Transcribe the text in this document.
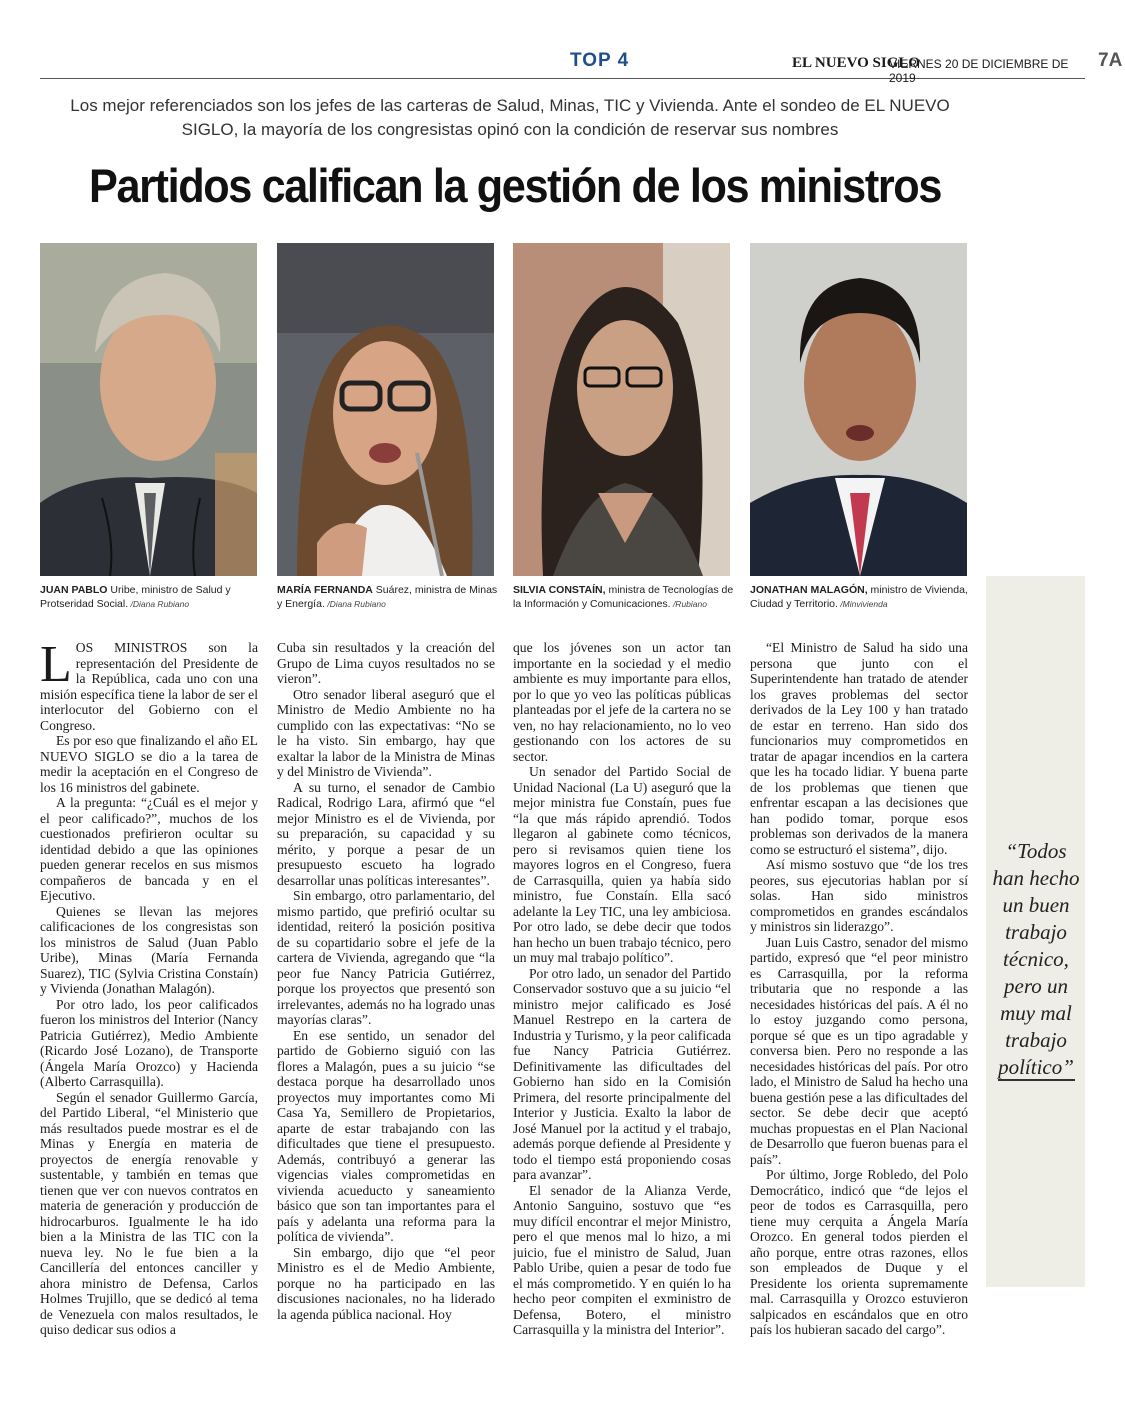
TOP 4	EL NUEVO SIGLO
VIERNES 20 DE DICIEMBRE DE 2019
7A
Los mejor referenciados son los jefes de las carteras de Salud, Minas, TIC y Vivienda. Ante el sondeo de EL NUEVO SIGLO, la mayoría de los congresistas opinó con la condición de reservar sus nombres
Partidos califican la gestión de los ministros
JUAN PABLO Uribe, ministro de Salud y Protseridad Social. /Diana Rubiano
MARÍA FERNANDA Suárez, ministra de Minas y Energía. /Diana Rubiano
SILVIA CONSTAÍN, ministra de Tecnologías de la Información y Comunicaciones. /Rubiano
JONATHAN MALAGÓN, ministro de Vivienda, Ciudad y Territorio. /Minvivienda

LOS MINISTROS son la representación del Presidente de la República, cada uno con una misión específica tiene la labor de ser el interlocutor del Gobierno con el Congreso.

Es por eso que finalizando el año EL NUEVO SIGLO se dio a la tarea de medir la aceptación en el Congreso de los 16 ministros del gabinete.

A la pregunta: “¿Cuál es el mejor y el peor calificado?”, muchos de los cuestionados prefirieron ocultar su identidad debido a que las opiniones pueden generar recelos en sus mismos compañeros de bancada y en el Ejecutivo.

Quienes se llevan las mejores calificaciones de los congresistas son los ministros de Salud (Juan Pablo Uribe), Minas (María Fernanda Suarez), TIC (Sylvia Cristina Constaín) y Vivienda (Jonathan Malagón).

Por otro lado, los peor calificados fueron los ministros del Interior (Nancy Patricia Gutiérrez), Medio Ambiente (Ricardo José Lozano), de Transporte (Ángela María Orozco) y Hacienda (Alberto Carrasquilla).

Según el senador Guillermo García, del Partido Liberal, “el Ministerio que más resultados puede mostrar es el de Minas y Energía en materia de proyectos de energía renovable y sustentable, y también en temas que tienen que ver con nuevos contratos en materia de generación y producción de hidrocarburos. Igualmente le ha ido bien a la Ministra de las TIC con la nueva ley. No le fue bien a la Cancillería del entonces canciller y ahora ministro de Defensa, Carlos Holmes Trujillo, que se dedicó al tema de Venezuela con malos resultados, le quiso dedicar sus odios a

Cuba sin resultados y la creación del Grupo de Lima cuyos resultados no se vieron”.

Otro senador liberal aseguró que el Ministro de Medio Ambiente no ha cumplido con las expectativas: “No se le ha visto. Sin embargo, hay que exaltar la labor de la Ministra de Minas y del Ministro de Vivienda”.

A su turno, el senador de Cambio Radical, Rodrigo Lara, afirmó que “el mejor Ministro es el de Vivienda, por su preparación, su capacidad y su mérito, y porque a pesar de un presupuesto escueto ha logrado desarrollar unas políticas interesantes”.

Sin embargo, otro parlamentario, del mismo partido, que prefirió ocultar su identidad, reiteró la posición positiva de su copartidario sobre el jefe de la cartera de Vivienda, agregando que “la peor fue Nancy Patricia Gutiérrez, porque los proyectos que presentó son irrelevantes, además no ha logrado unas mayorías claras”.

En ese sentido, un senador del partido de Gobierno siguió con las flores a Malagón, pues a su juicio “se destaca porque ha desarrollado unos proyectos muy importantes como Mi Casa Ya, Semillero de Propietarios, aparte de estar trabajando con las dificultades que tiene el presupuesto. Además, contribuyó a generar las vigencias viales comprometidas en vivienda acueducto y saneamiento básico que son tan importantes para el país y adelanta una reforma para la política de vivienda”.

Sin embargo, dijo que “el peor Ministro es el de Medio Ambiente, porque no ha participado en las discusiones nacionales, no ha liderado la agenda pública nacional. Hoy

que los jóvenes son un actor tan importante en la sociedad y el medio ambiente es muy importante para ellos, por lo que yo veo las políticas públicas planteadas por el jefe de la cartera no se ven, no hay relacionamiento, no lo veo gestionando con los actores de su sector.

Un senador del Partido Social de Unidad Nacional (La U) aseguró que la mejor ministra fue Constaín, pues fue “la que más rápido aprendió. Todos llegaron al gabinete como técnicos, pero si revisamos quien tiene los mayores logros en el Congreso, fuera de Carrasquilla, quien ya había sido ministro, fue Constaín. Ella sacó adelante la Ley TIC, una ley ambiciosa. Por otro lado, se debe decir que todos han hecho un buen trabajo técnico, pero un muy mal trabajo político”.

Por otro lado, un senador del Partido Conservador sostuvo que a su juicio “el ministro mejor calificado es José Manuel Restrepo en la cartera de Industria y Turismo, y la peor calificada fue Nancy Patricia Gutiérrez. Definitivamente las dificultades del Gobierno han sido en la Comisión Primera, del resorte principalmente del Interior y Justicia. Exalto la labor de José Manuel por la actitud y el trabajo, además porque defiende al Presidente y todo el tiempo está proponiendo cosas para avanzar”.

El senador de la Alianza Verde, Antonio Sanguino, sostuvo que “es muy difícil encontrar el mejor Ministro, pero el que menos mal lo hizo, a mi juicio, fue el ministro de Salud, Juan Pablo Uribe, quien a pesar de todo fue el más comprometido. Y en quién lo ha hecho peor compiten el exministro de Defensa, Botero, el ministro Carrasquilla y la ministra del Interior”.

“El Ministro de Salud ha sido una persona que junto con el Superintendente han tratado de atender los graves problemas del sector derivados de la Ley 100 y han tratado de estar en terreno. Han sido dos funcionarios muy comprometidos en tratar de apagar incendios en la cartera que les ha tocado lidiar. Y buena parte de los problemas que tienen que enfrentar escapan a las decisiones que han podido tomar, porque esos problemas son derivados de la manera como se estructuró el sistema”, dijo.

Así mismo sostuvo que “de los tres peores, sus ejecutorias hablan por sí solas. Han sido ministros comprometidos en grandes escándalos y ministros sin liderazgo”.

Juan Luis Castro, senador del mismo partido, expresó que “el peor ministro es Carrasquilla, por la reforma tributaria que no responde a las necesidades históricas del país. A él no lo estoy juzgando como persona, porque sé que es un tipo agradable y conversa bien. Pero no responde a las necesidades históricas del país. Por otro lado, el Ministro de Salud ha hecho una buena gestión pese a las dificultades del sector. Se debe decir que aceptó muchas propuestas en el Plan Nacional de Desarrollo que fueron buenas para el país”.

Por último, Jorge Robledo, del Polo Democrático, indicó que “de lejos el peor de todos es Carrasquilla, pero tiene muy cerquita a Ángela María Orozco. En general todos pierden el año porque, entre otras razones, ellos son empleados de Duque y el Presidente los orienta supremamente mal. Carrasquilla y Orozco estuvieron salpicados en escándalos que en otro país los hubieran sacado del cargo”.

“Todos han hecho un buen trabajo técnico, pero un muy mal trabajo político”
